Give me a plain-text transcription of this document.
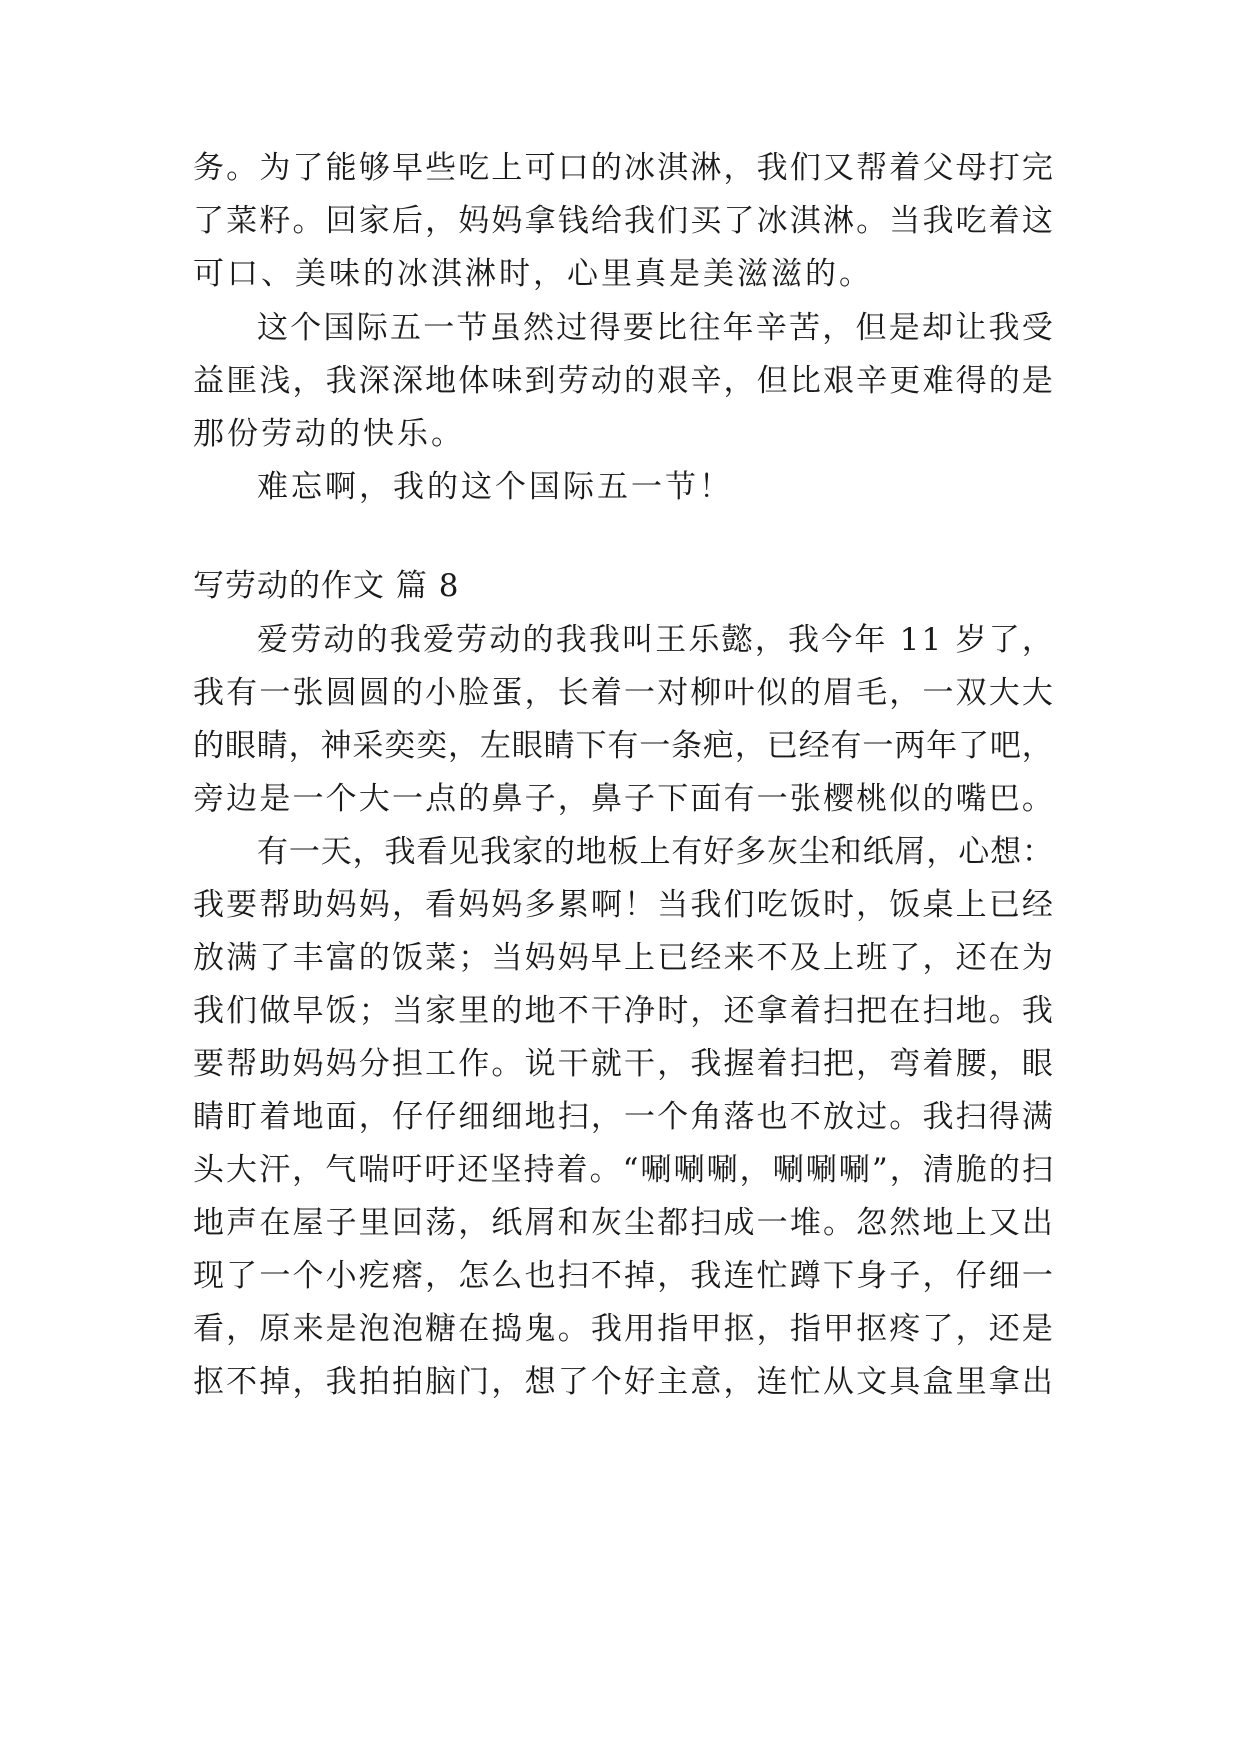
务 。 为 了 能 够 早 些 吃 上 可 口 的 冰 淇 淋 ， 我 们 又 帮 着 父 母 打 完
了 菜 籽 。 回 家 后 ， 妈 妈 拿 钱 给 我 们 买 了 冰 淇 淋 。 当 我 吃 着 这
可口、美味的冰淇淋时，心里真是美滋滋的。
这 个 国 际 五 一 节 虽 然 过 得 要 比 往 年 辛 苦 ， 但 是 却 让 我 受
益 匪 浅 ， 我 深 深 地 体 味 到 劳 动 的 艰 辛 ， 但 比 艰 辛 更 难 得 的 是
那份劳动的快乐。
难忘啊，我的这个国际五一节！
写劳动的作文 篇 8
爱 劳 动 的 我 爱 劳 动 的 我 我 叫 王 乐 懿 ， 我 今 年
1 1
岁 了 ，
我 有 一 张 圆 圆 的 小 脸 蛋 ， 长 着 一 对 柳 叶 似 的 眉 毛 ， 一 双 大 大
的 眼 睛 ， 神 采 奕 奕 ， 左 眼 睛 下 有 一 条 疤 ， 已 经 有 一 两 年 了 吧 ，
旁 边 是 一 个 大 一 点 的 鼻 子 ， 鼻 子 下 面 有 一 张 樱 桃 似 的 嘴 巴 。
有 一 天 ， 我 看 见 我 家 的 地 板 上 有 好 多 灰 尘 和 纸 屑 ， 心 想 ：
我 要 帮 助 妈 妈 ， 看 妈 妈 多 累 啊 ！ 当 我 们 吃 饭 时 ， 饭 桌 上 已 经
放 满 了 丰 富 的 饭 菜 ； 当 妈 妈 早 上 已 经 来 不 及 上 班 了 ， 还 在 为
我 们 做 早 饭 ； 当 家 里 的 地 不 干 净 时 ， 还 拿 着 扫 把 在 扫 地 。 我
要 帮 助 妈 妈 分 担 工 作 。 说 干 就 干 ， 我 握 着 扫 把 ， 弯 着 腰 ， 眼
睛 盯 着 地 面 ， 仔 仔 细 细 地 扫 ， 一 个 角 落 也 不 放 过 。 我 扫 得 满
头 大 汗 ， 气 喘 吁 吁 还 坚 持 着 。 “ 唰 唰 唰 ， 唰 唰 唰 ” ， 清 脆 的 扫
地 声 在 屋 子 里 回 荡 ， 纸 屑 和 灰 尘 都 扫 成 一 堆 。 忽 然 地 上 又 出
现 了 一 个 小 疙 瘩 ， 怎 么 也 扫 不 掉 ， 我 连 忙 蹲 下 身 子 ， 仔 细 一
看 ， 原 来 是 泡 泡 糖 在 捣 鬼 。 我 用 指 甲 抠 ， 指 甲 抠 疼 了 ， 还 是
抠 不 掉 ， 我 拍 拍 脑 门 ， 想 了 个 好 主 意 ， 连 忙 从 文 具 盒 里 拿 出
